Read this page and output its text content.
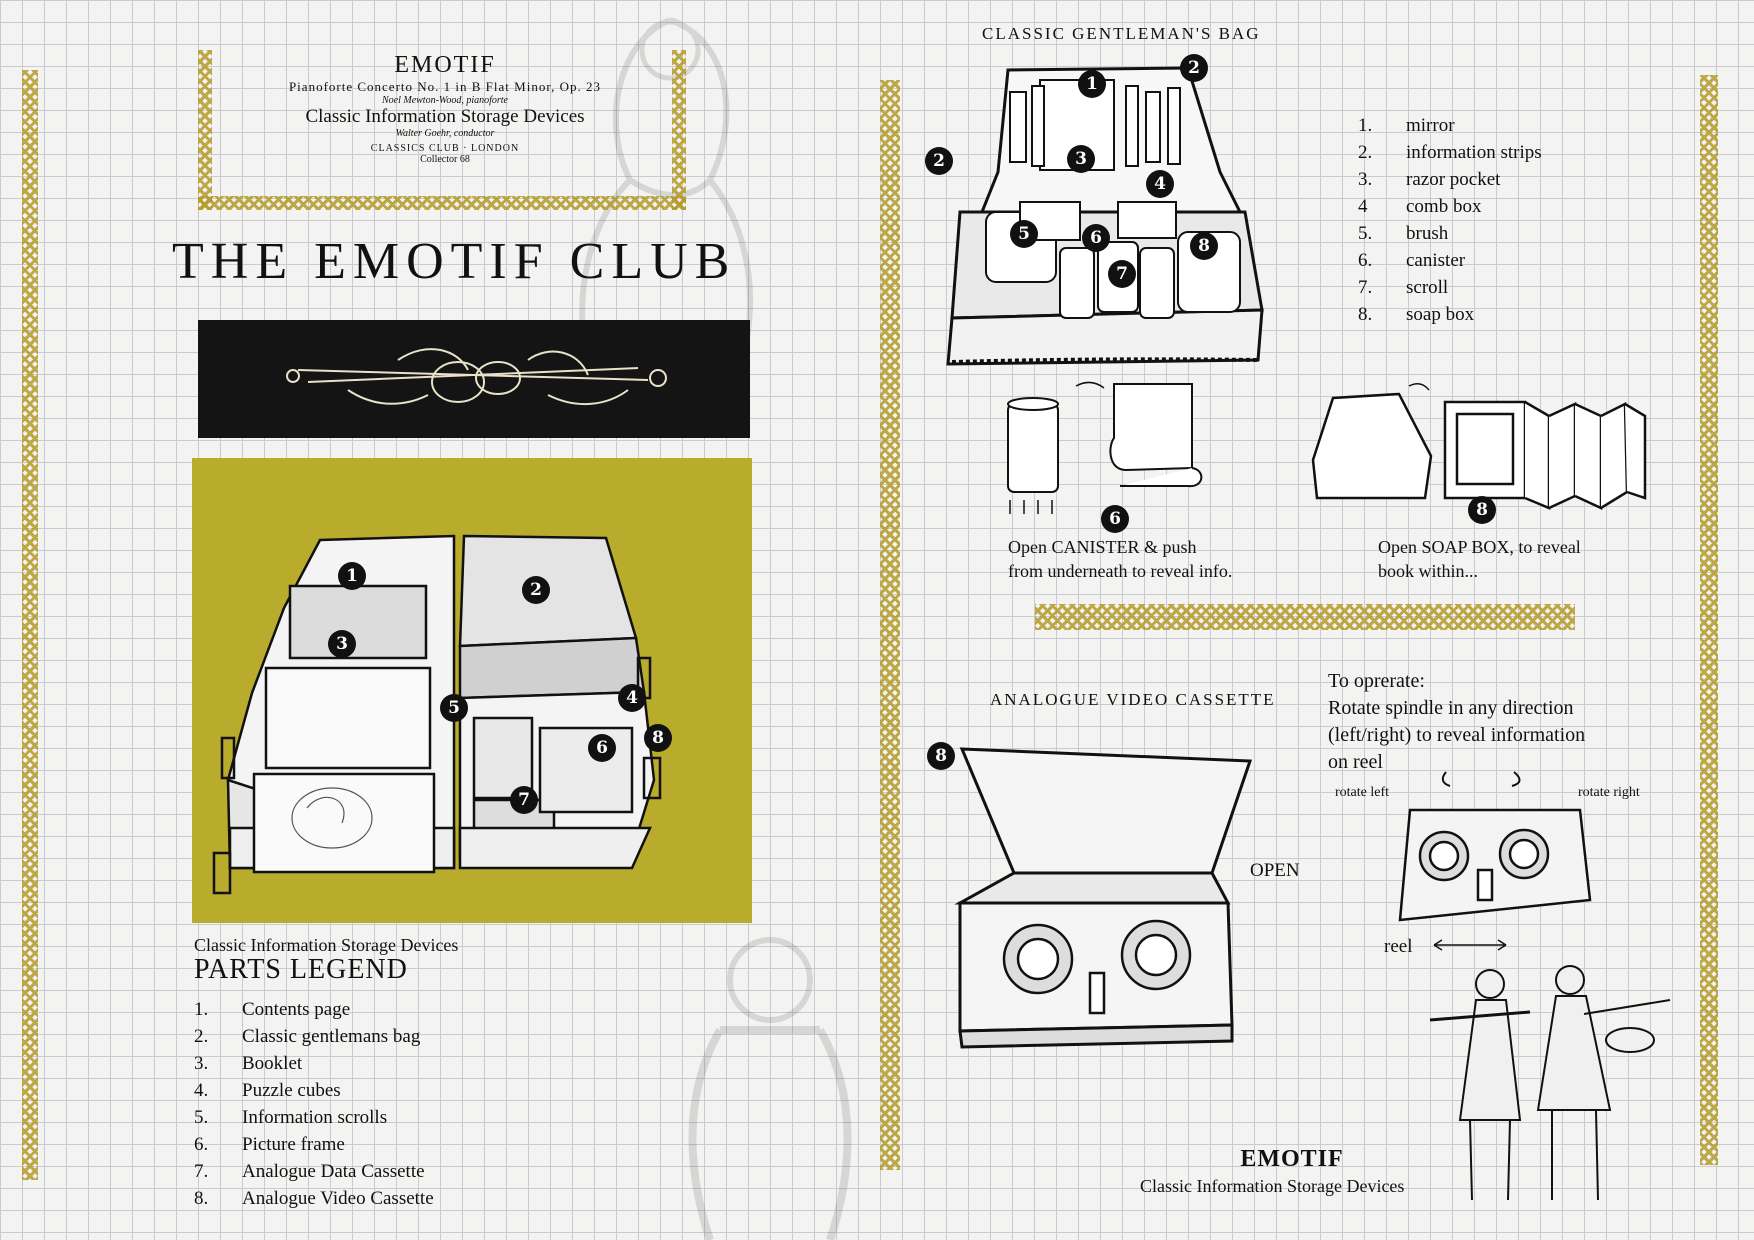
EMOTIF
Pianoforte Concerto No. 1 in B Flat Minor, Op. 23
Noel Mewton-Wood, pianoforte
Classic Information Storage Devices
Walter Goehr, conductor
CLASSICS CLUB · LONDON
Collector 68
THE EMOTIF CLUB
1
2
3
4
5
6
7
8
Classic Information Storage Devices
PARTS LEGEND
1.	Contents page
2.	Classic gentlemans bag
3.	Booklet
4.	Puzzle cubes
5.	Information scrolls
6.	Picture frame
7.	Analogue Data Cassette
8.	Analogue Video Cassette
CLASSIC GENTLEMAN'S BAG
1
2
2	3
4
5	6
7
8
1.	mirror
2.	information strips
3.	razor pocket
4	comb box
5.	brush
6.	canister
7.	scroll
8.	soap box
6
Open CANISTER & push
from underneath to reveal info.
8
Open SOAP BOX, to reveal
book within...
ANALOGUE VIDEO CASSETTE
8
OPEN
To oprerate:
Rotate spindle in any direction
(left/right) to reveal information
on reel
rotate left	rotate right
reel
EMOTIF
Classic Information Storage Devices
